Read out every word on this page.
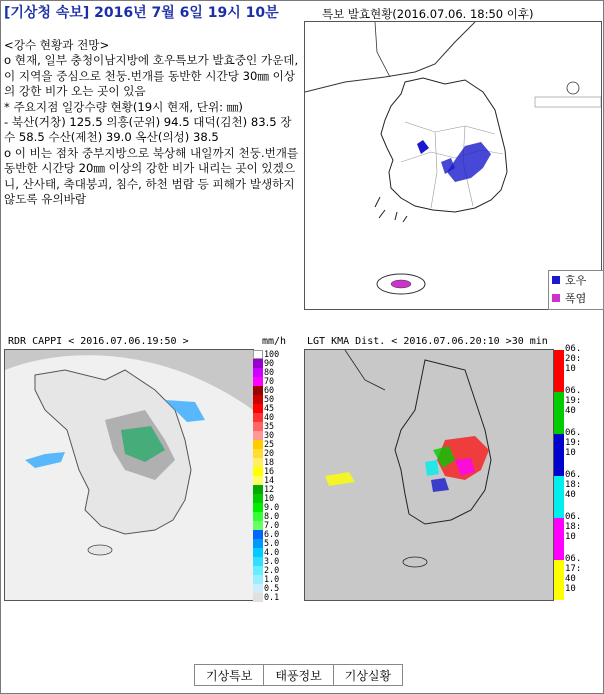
[기상청 속보] 2016년 7월 6일 19시 10분

<강수 현황과 전망>

o 현재, 일부 충청이남지방에 호우특보가 발효중인 가운데, 이 지역을 중심으로 천둥.번개를 동반한 시간당 30㎜ 이상의 강한 비가 오는 곳이 있음

* 주요지점 일강수량 현황(19시 현재, 단위: ㎜)

- 북산(거창) 125.5 의흥(군위) 94.5 대덕(김천) 83.5 장수 58.5 수산(제천) 39.0 옥산(의성) 38.5

o 이 비는 점차 중부지방으로 북상해 내일까지 천둥.번개를 동반한 시간당 20㎜ 이상의 강한 비가 내리는 곳이 있겠으니, 산사태, 축대붕괴, 침수, 하천 범람 등 피해가 발생하지 않도록 유의바람

특보 발효현황(2016.07.06. 18:50 이후)
호우
폭염
RDR CAPPI < 2016.07.06.19:50 >	mm/h
100
90
80
70
60
50
45
40
35
30
25
20
18
16
14
12
10
9.0
8.0
7.0
6.0
5.0
4.0
3.0
2.0
1.0
0.5
0.1
LGT KMA Dist. < 2016.07.06.20:10 >30 min
06.
20:
10
06.
19:
40
06.
19:
10
06.
18:
40
06.
18:
10
06.
17:
40
10
기상특보	태풍정보	기상실황
